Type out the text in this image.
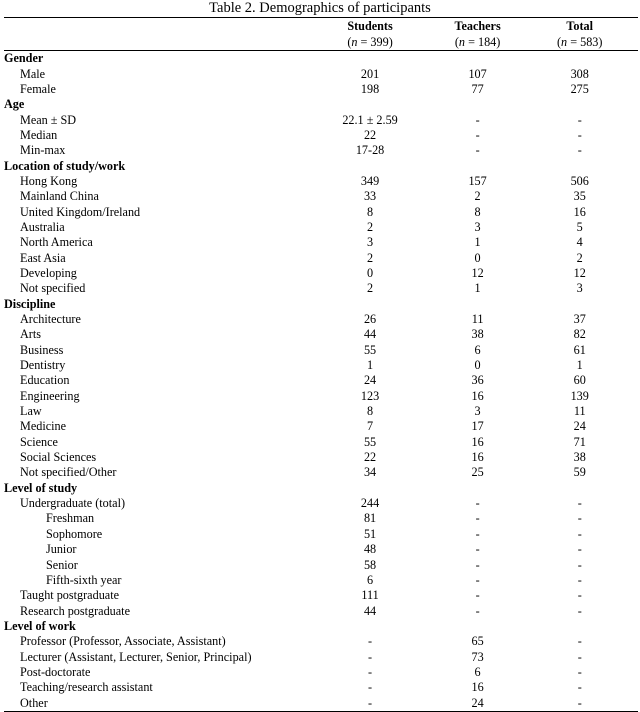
Table 2. Demographics of participants
	Students	Teachers	Total
	(n = 399)	(n = 184)	(n = 583)
Gender			
Male	201	107	308
Female	198	77	275
Age			
Mean ± SD	22.1 ± 2.59	-	-
Median	22	-	-
Min-max	17-28	-	-
Location of study/work			
Hong Kong	349	157	506
Mainland China	33	2	35
United Kingdom/Ireland	8	8	16
Australia	2	3	5
North America	3	1	4
East Asia	2	0	2
Developing	0	12	12
Not specified	2	1	3
Discipline			
Architecture	26	11	37
Arts	44	38	82
Business	55	6	61
Dentistry	1	0	1
Education	24	36	60
Engineering	123	16	139
Law	8	3	11
Medicine	7	17	24
Science	55	16	71
Social Sciences	22	16	38
Not specified/Other	34	25	59
Level of study			
Undergraduate (total)	244	-	-
Freshman	81	-	-
Sophomore	51	-	-
Junior	48	-	-
Senior	58	-	-
Fifth-sixth year	6	-	-
Taught postgraduate	111	-	-
Research postgraduate	44	-	-
Level of work			
Professor (Professor, Associate, Assistant)	-	65	-
Lecturer (Assistant, Lecturer, Senior, Principal)	-	73	-
Post-doctorate	-	6	-
Teaching/research assistant	-	16	-
Other	-	24	-
